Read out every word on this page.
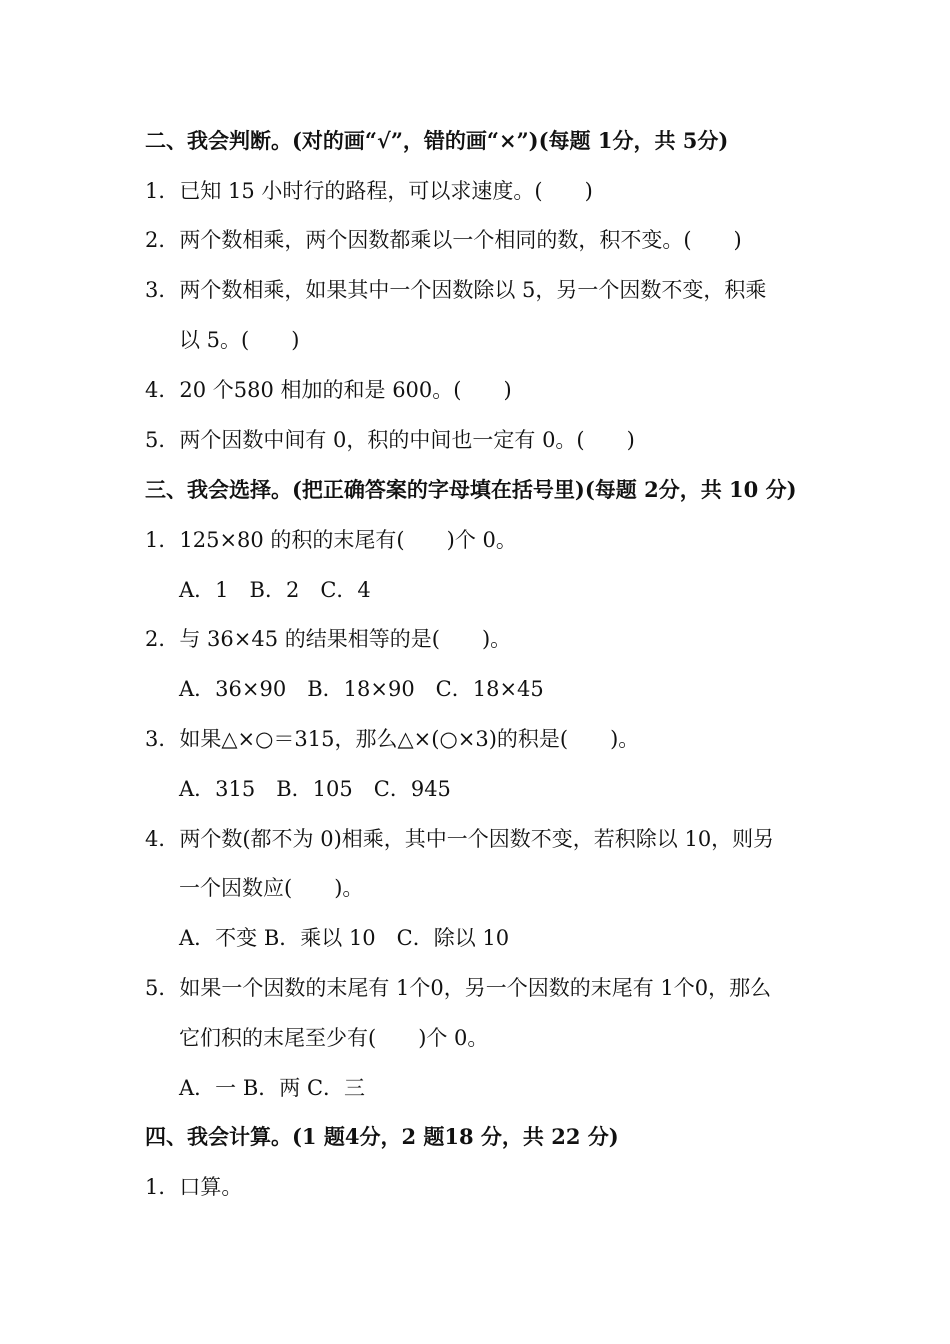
二、我会判断。(对的画“√”，错的画“×”)(每题 1分，共 5分)
1．已知 15 小时行的路程，可以求速度。(　　)
2．两个数相乘，两个因数都乘以一个相同的数，积不变。(　　)
3．两个数相乘，如果其中一个因数除以 5，另一个因数不变，积乘
以 5。(　　)
4．20 个580 相加的和是 600。(　　)
5．两个因数中间有 0，积的中间也一定有 0。(　　)
三、我会选择。(把正确答案的字母填在括号里)(每题 2分，共 10 分)
1．125×80 的积的末尾有(　　)个 0。
A．1　B．2　C．4
2．与 36×45 的结果相等的是(　　)。
A．36×90　B．18×90　C．18×45
3．如果△×○＝315，那么△×(○×3)的积是(　　)。
A．315　B．105　C．945
4．两个数(都不为 0)相乘，其中一个因数不变，若积除以 10，则另
一个因数应(　　)。
A．不变 B．乘以 10　C．除以 10
5．如果一个因数的末尾有 1个0，另一个因数的末尾有 1个0，那么
它们积的末尾至少有(　　)个 0。
A．一 B．两 C．三
四、我会计算。(1 题4分，2 题18 分，共 22 分)
1．口算。
